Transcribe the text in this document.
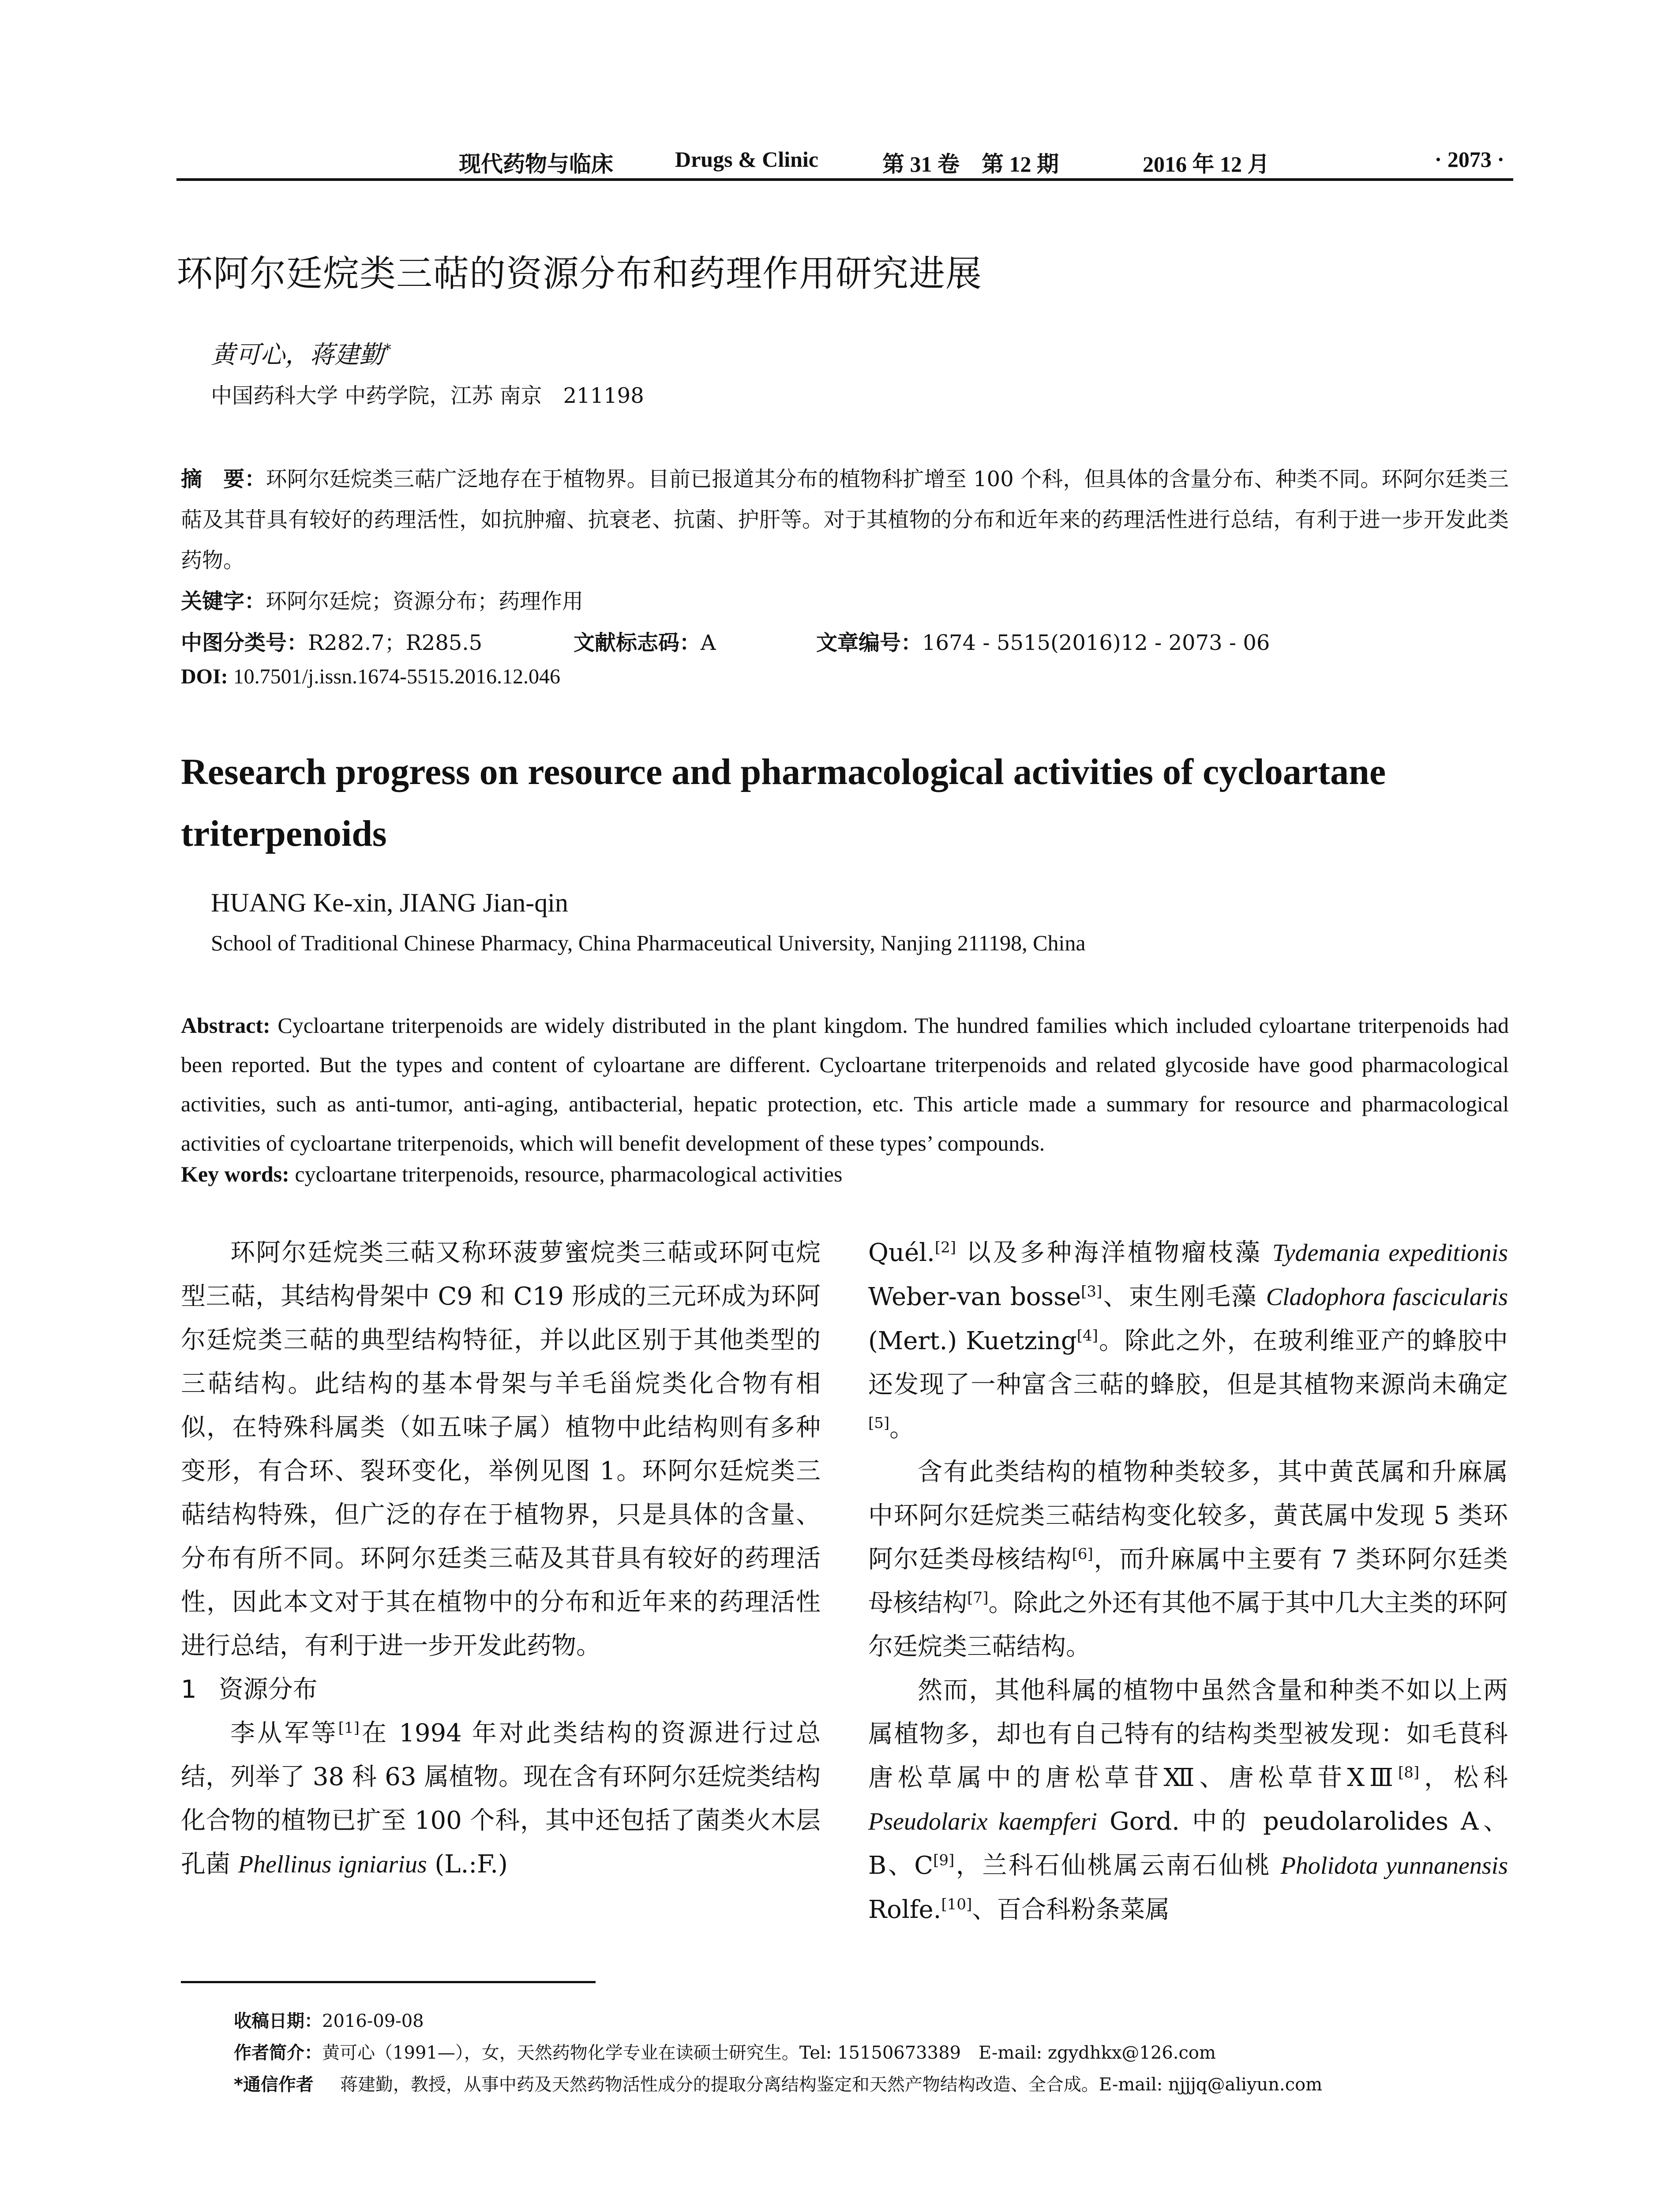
现代药物与临床	Drugs & Clinic	第 31 卷　第 12 期	2016 年 12 月	· 2073 ·
环阿尔廷烷类三萜的资源分布和药理作用研究进展
黄可心，蒋建勤*
中国药科大学 中药学院，江苏 南京　211198
摘　要：环阿尔廷烷类三萜广泛地存在于植物界。目前已报道其分布的植物科扩增至 100 个科，但具体的含量分布、种类不同。环阿尔廷类三萜及其苷具有较好的药理活性，如抗肿瘤、抗衰老、抗菌、护肝等。对于其植物的分布和近年来的药理活性进行总结，有利于进一步开发此类药物。
关键字：环阿尔廷烷；资源分布；药理作用
中图分类号：R282.7；R285.5	文献标志码：A	文章编号：1674 - 5515(2016)12 - 2073 - 06
DOI: 10.7501/j.issn.1674-5515.2016.12.046
Research progress on resource and pharmacological activities of cycloartane triterpenoids
HUANG Ke-xin, JIANG Jian-qin
School of Traditional Chinese Pharmacy, China Pharmaceutical University, Nanjing 211198, China
Abstract: Cycloartane triterpenoids are widely distributed in the plant kingdom. The hundred families which included cyloartane triterpenoids had been reported. But the types and content of cyloartane are different. Cycloartane triterpenoids and related glycoside have good pharmacological activities, such as anti-tumor, anti-aging, antibacterial, hepatic protection, etc. This article made a summary for resource and pharmacological activities of cycloartane triterpenoids, which will benefit development of these types’ compounds.
Key words: cycloartane triterpenoids, resource, pharmacological activities

环阿尔廷烷类三萜又称环菠萝蜜烷类三萜或环阿屯烷型三萜，其结构骨架中 C9 和 C19 形成的三元环成为环阿尔廷烷类三萜的典型结构特征，并以此区别于其他类型的三萜结构。此结构的基本骨架与羊毛甾烷类化合物有相似，在特殊科属类（如五味子属）植物中此结构则有多种变形，有合环、裂环变化，举例见图 1。环阿尔廷烷类三萜结构特殊，但广泛的存在于植物界，只是具体的含量、分布有所不同。环阿尔廷类三萜及其苷具有较好的药理活性，因此本文对于其在植物中的分布和近年来的药理活性进行总结，有利于进一步开发此药物。

1 资源分布

李从军等[1]在 1994 年对此类结构的资源进行过总结，列举了 38 科 63 属植物。现在含有环阿尔廷烷类结构化合物的植物已扩至 100 个科，其中还包括了菌类火木层孔菌 Phellinus igniarius (L.:F.)

Quél.[2] 以及多种海洋植物瘤枝藻 Tydemania expeditionis Weber-van bosse[3]、束生刚毛藻 Cladophora fascicularis (Mert.) Kuetzing[4]。除此之外，在玻利维亚产的蜂胶中还发现了一种富含三萜的蜂胶，但是其植物来源尚未确定[5]。

含有此类结构的植物种类较多，其中黄芪属和升麻属中环阿尔廷烷类三萜结构变化较多，黄芪属中发现 5 类环阿尔廷类母核结构[6]，而升麻属中主要有 7 类环阿尔廷类母核结构[7]。除此之外还有其他不属于其中几大主类的环阿尔廷烷类三萜结构。

然而，其他科属的植物中虽然含量和种类不如以上两属植物多，却也有自己特有的结构类型被发现：如毛茛科唐松草属中的唐松草苷Ⅻ、唐松草苷ⅩⅢ[8]，松科 Pseudolarix kaempferi Gord. 中的 peudolarolides A、B、C[9]，兰科石仙桃属云南石仙桃 Pholidota yunnanensis Rolfe.[10]、百合科粉条菜属

收稿日期：2016-09-08
作者简介：黄可心（1991—），女，天然药物化学专业在读硕士研究生。Tel: 15150673389　E-mail: zgydhkx@126.com
*通信作者 蒋建勤，教授，从事中药及天然药物活性成分的提取分离结构鉴定和天然产物结构改造、全合成。E-mail: njjjq@aliyun.com
